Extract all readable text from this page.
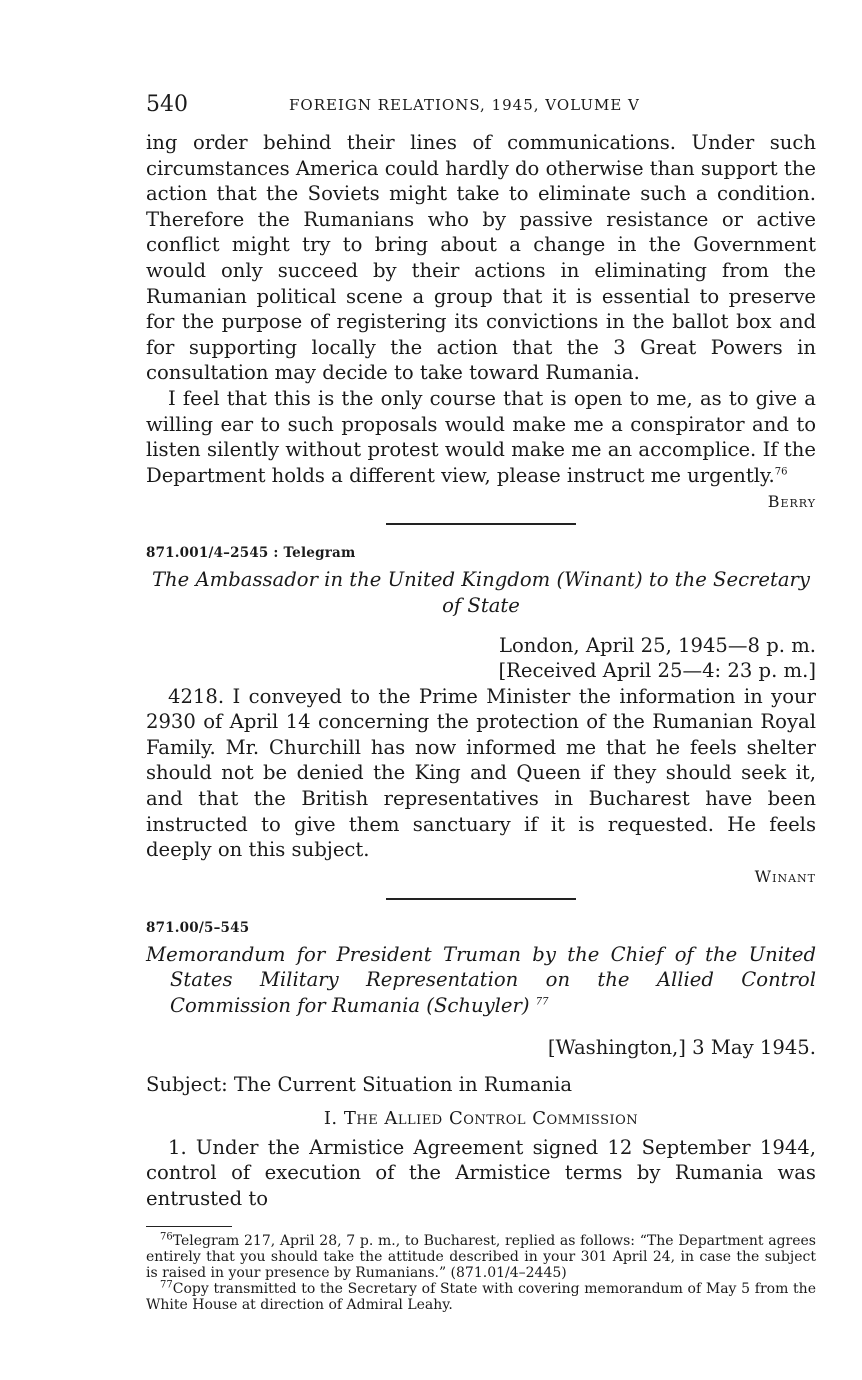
540	FOREIGN RELATIONS, 1945, VOLUME V

ing order behind their lines of communications. Under such circumstances America could hardly do otherwise than support the action that the Soviets might take to eliminate such a condition. Therefore the Rumanians who by passive resistance or active conflict might try to bring about a change in the Government would only succeed by their actions in eliminating from the Rumanian political scene a group that it is essential to preserve for the purpose of registering its convictions in the ballot box and for supporting locally the action that the 3 Great Powers in consultation may decide to take toward Rumania.

I feel that this is the only course that is open to me, as to give a willing ear to such proposals would make me a conspirator and to listen silently without protest would make me an accomplice. If the Department holds a different view, please instruct me urgently.$^{76}$

Berry

871.001/4–2545 : Telegram

The Ambassador in the United Kingdom (Winant) to the Secretary of State

London, April 25, 1945—8 p. m.

[Received April 25—4: 23 p. m.]

4218. I conveyed to the Prime Minister the information in your 2930 of April 14 concerning the protection of the Rumanian Royal Family. Mr. Churchill has now informed me that he feels shelter should not be denied the King and Queen if they should seek it, and that the British representatives in Bucharest have been instructed to give them sanctuary if it is requested. He feels deeply on this subject.

Winant

871.00/5–545

Memorandum for President Truman by the Chief of the United States Military Representation on the Allied Control Commission for Rumania (Schuyler) $^{77}$

[Washington,] 3 May 1945.

Subject: The Current Situation in Rumania

I. The Allied Control Commission

1. Under the Armistice Agreement signed 12 September 1944, control of execution of the Armistice terms by Rumania was entrusted to

$^{76}$Telegram 217, April 28, 7 p. m., to Bucharest, replied as follows: “The Department agrees entirely that you should take the attitude described in your 301 April 24, in case the subject is raised in your presence by Rumanians.” (871.01/4–2445)

$^{77}$Copy transmitted to the Secretary of State with covering memorandum of May 5 from the White House at direction of Admiral Leahy.
